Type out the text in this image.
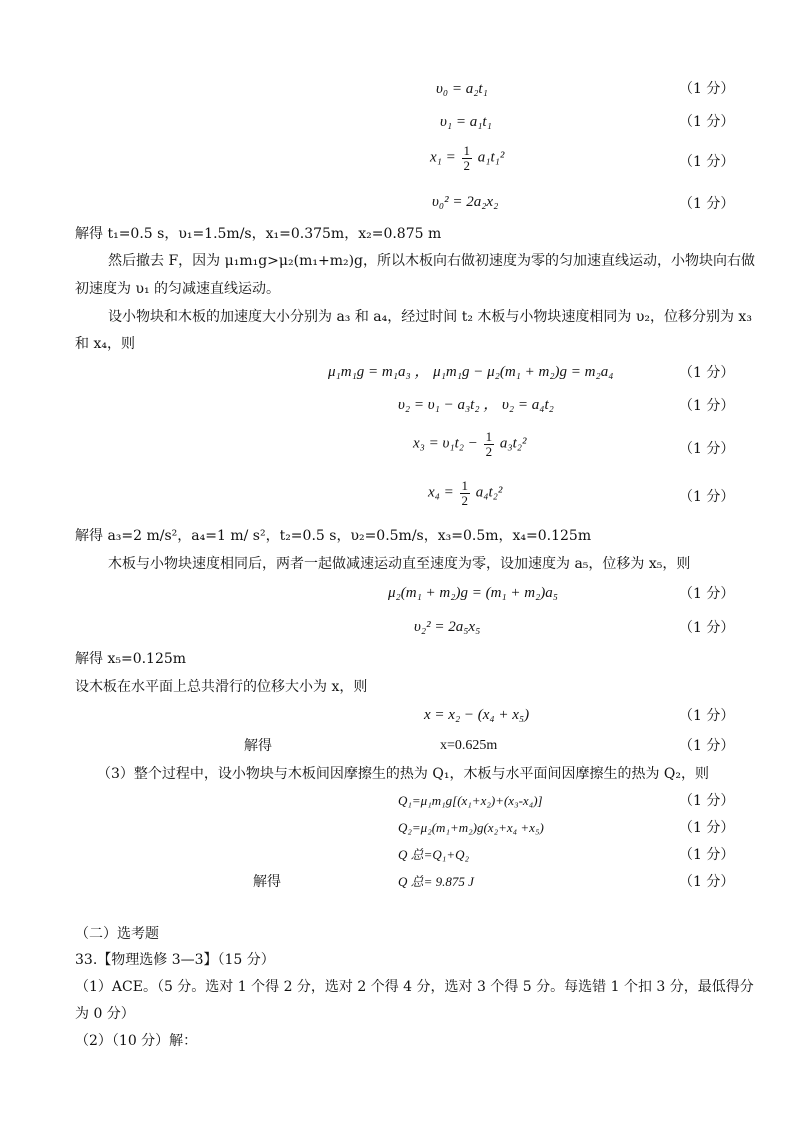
υ₀ = a₂t₁	（1 分）
υ₁ = a₁t₁	（1 分）
$x_1 = \frac{1}{2} a_1t_1^2$	（1 分）
υ₀² = 2a₂x₂	（1 分）
解得 t₁=0.5 s，υ₁=1.5m/s，x₁=0.375m，x₂=0.875 m
然后撤去 F，因为 μ₁m₁g>μ₂(m₁+m₂)g，所以木板向右做初速度为零的匀加速直线运动，小物块向右做
初速度为 υ₁ 的匀减速直线运动。
设小物块和木板的加速度大小分别为 a₃ 和 a₄，经过时间 t₂ 木板与小物块速度相同为 υ₂，位移分别为 x₃
和 x₄，则
μ₁m₁g = m₁a₃ ， μ₁m₁g − μ₂(m₁ + m₂)g = m₂a₄	（1 分）
υ₂ = υ₁ − a₃t₂ ， υ₂ = a₄t₂	（1 分）
$x_3 = \upsilon_1t_2 - \frac{1}{2} a_3t_2^2$	（1 分）
$x_4 = \frac{1}{2} a_4t_2^2$	（1 分）
解得 a₃=2 m/s²，a₄=1 m/ s²，t₂=0.5 s，υ₂=0.5m/s，x₃=0.5m，x₄=0.125m
木板与小物块速度相同后，两者一起做减速运动直至速度为零，设加速度为 a₅，位移为 x₅，则
μ₂(m₁ + m₂)g = (m₁ + m₂)a₅	（1 分）
υ₂² = 2a₅x₅	（1 分）
解得 x₅=0.125m
设木板在水平面上总共滑行的位移大小为 x，则
x = x₂ − (x₄ + x₅)	（1 分）
解得	x=0.625m	（1 分）
（3）整个过程中，设小物块与木板间因摩擦生的热为 Q₁，木板与水平面间因摩擦生的热为 Q₂，则
Q₁=μ₁m₁g[(x₁+x₂)+(x₃-x₄)]	（1 分）
Q₂=μ₂(m₁+m₂)g(x₂+x₄ +x₅)	（1 分）
Q 总=Q₁+Q₂	（1 分）
解得	Q 总= 9.875 J	（1 分）
（二）选考题
33.【物理选修 3—3】（15 分）
（1）ACE。（5 分。选对 1 个得 2 分，选对 2 个得 4 分，选对 3 个得 5 分。每选错 1 个扣 3 分，最低得分
为 0 分）
（2）（10 分）解：
